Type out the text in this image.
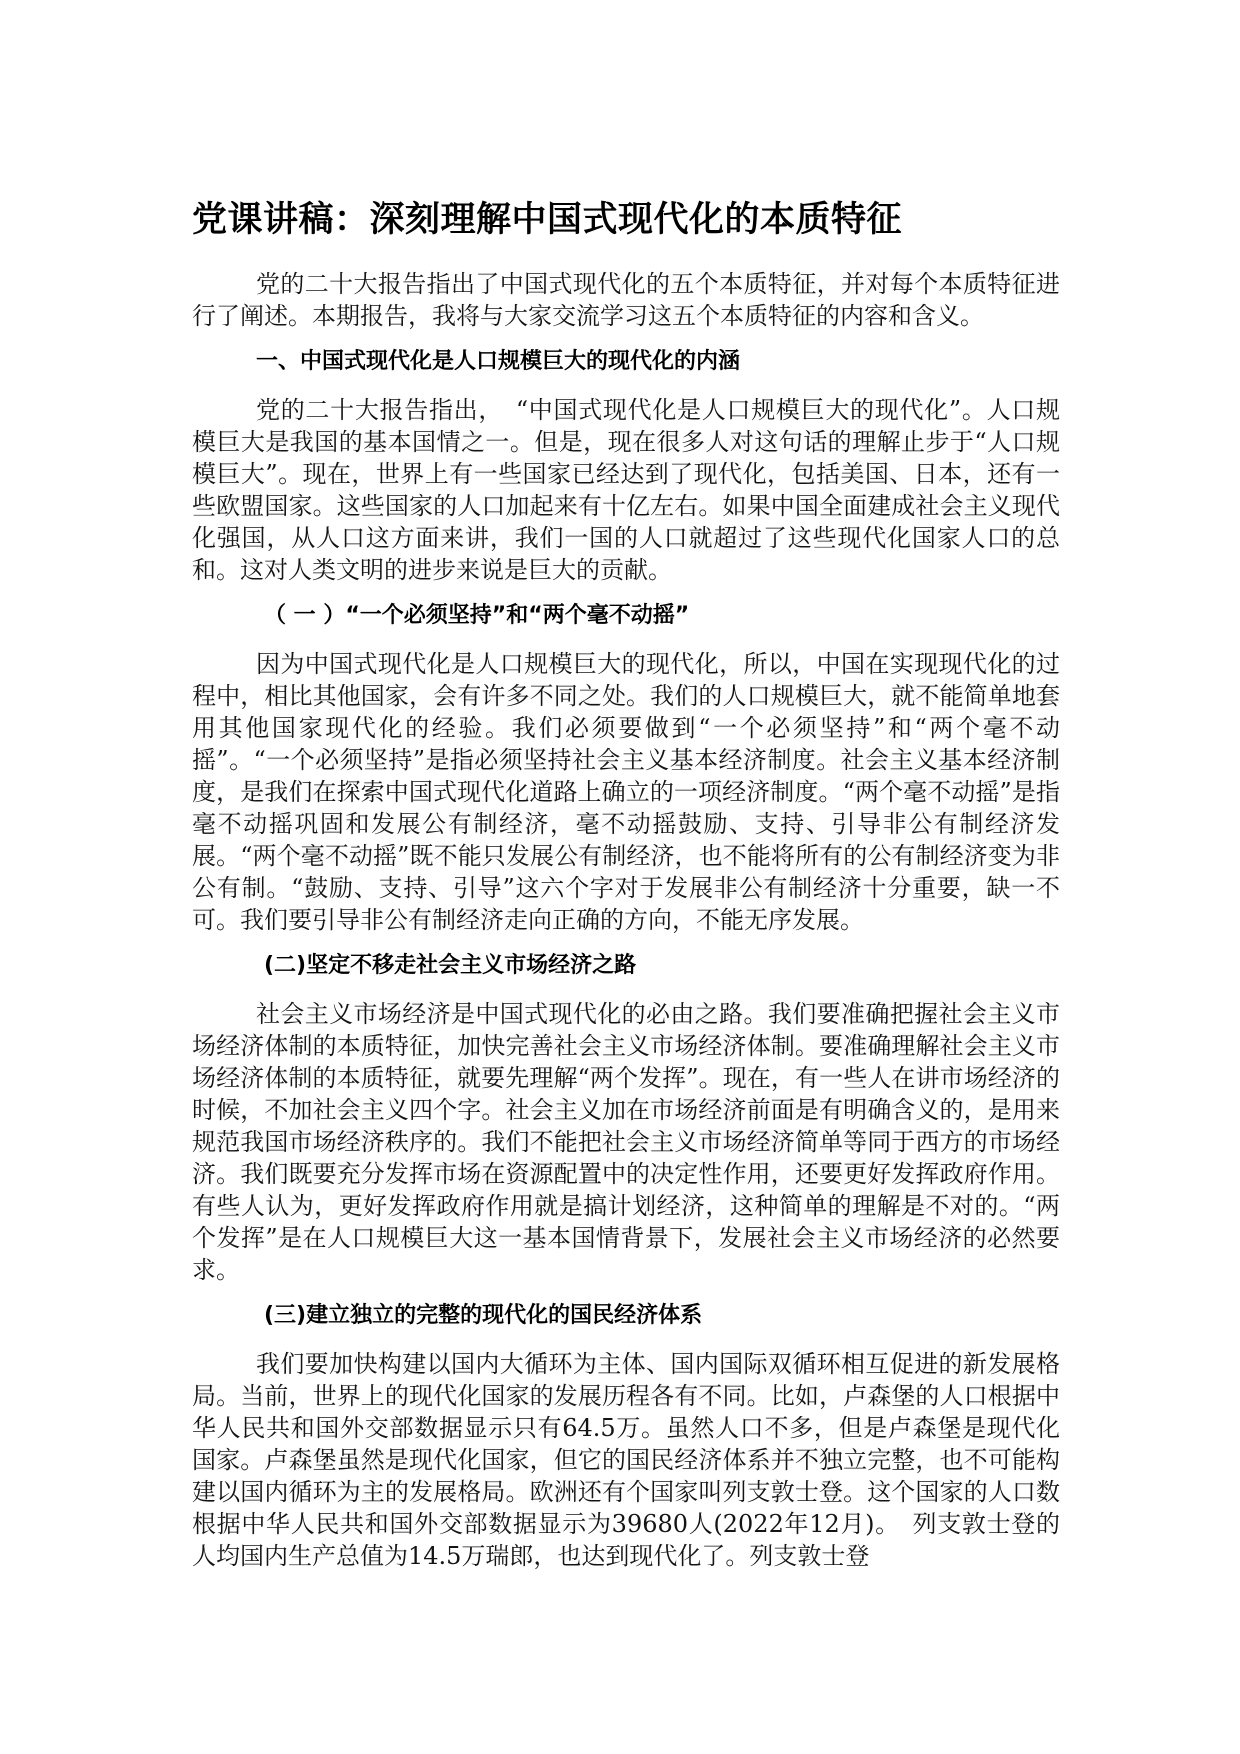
党课讲稿：深刻理解中国式现代化的本质特征

党的二十大报告指出了中国式现代化的五个本质特征，并对每个本质特征进行了阐述。本期报告，我将与大家交流学习这五个本质特征的内容和含义。

一、中国式现代化是人口规模巨大的现代化的内涵

党的二十大报告指出，　“中国式现代化是人口规模巨大的现代化”。人口规模巨大是我国的基本国情之一。但是，现在很多人对这句话的理解止步于“人口规模巨大”。现在，世界上有一些国家已经达到了现代化，包括美国、日本，还有一些欧盟国家。这些国家的人口加起来有十亿左右。如果中国全面建成社会主义现代化强国，从人口这方面来讲，我们一国的人口就超过了这些现代化国家人口的总和。这对人类文明的进步来说是巨大的贡献。

（ 一 ）“一个必须坚持”和“两个毫不动摇”

因为中国式现代化是人口规模巨大的现代化，所以，中国在实现现代化的过程中，相比其他国家，会有许多不同之处。我们的人口规模巨大，就不能简单地套用其他国家现代化的经验。我们必须要做到“一个必须坚持”和“两个毫不动摇”。“一个必须坚持”是指必须坚持社会主义基本经济制度。社会主义基本经济制度，是我们在探索中国式现代化道路上确立的一项经济制度。“两个毫不动摇”是指毫不动摇巩固和发展公有制经济，毫不动摇鼓励、支持、引导非公有制经济发展。“两个毫不动摇”既不能只发展公有制经济，也不能将所有的公有制经济变为非公有制。“鼓励、支持、引导”这六个字对于发展非公有制经济十分重要，缺一不可。我们要引导非公有制经济走向正确的方向，不能无序发展。

(二)坚定不移走社会主义市场经济之路

社会主义市场经济是中国式现代化的必由之路。我们要准确把握社会主义市场经济体制的本质特征，加快完善社会主义市场经济体制。要准确理解社会主义市场经济体制的本质特征，就要先理解“两个发挥”。现在，有一些人在讲市场经济的时候，不加社会主义四个字。社会主义加在市场经济前面是有明确含义的，是用来规范我国市场经济秩序的。我们不能把社会主义市场经济简单等同于西方的市场经济。我们既要充分发挥市场在资源配置中的决定性作用，还要更好发挥政府作用。有些人认为，更好发挥政府作用就是搞计划经济，这种简单的理解是不对的。“两个发挥”是在人口规模巨大这一基本国情背景下，发展社会主义市场经济的必然要求。

(三)建立独立的完整的现代化的国民经济体系

我们要加快构建以国内大循环为主体、国内国际双循环相互促进的新发展格局。当前，世界上的现代化国家的发展历程各有不同。比如，卢森堡的人口根据中华人民共和国外交部数据显示只有64.5万。虽然人口不多，但是卢森堡是现代化国家。卢森堡虽然是现代化国家，但它的国民经济体系并不独立完整，也不可能构建以国内循环为主的发展格局。欧洲还有个国家叫列支敦士登。这个国家的人口数根据中华人民共和国外交部数据显示为39680人(2022年12月)。　列支敦士登的人均国内生产总值为14.5万瑞郎，也达到现代化了。列支敦士登
